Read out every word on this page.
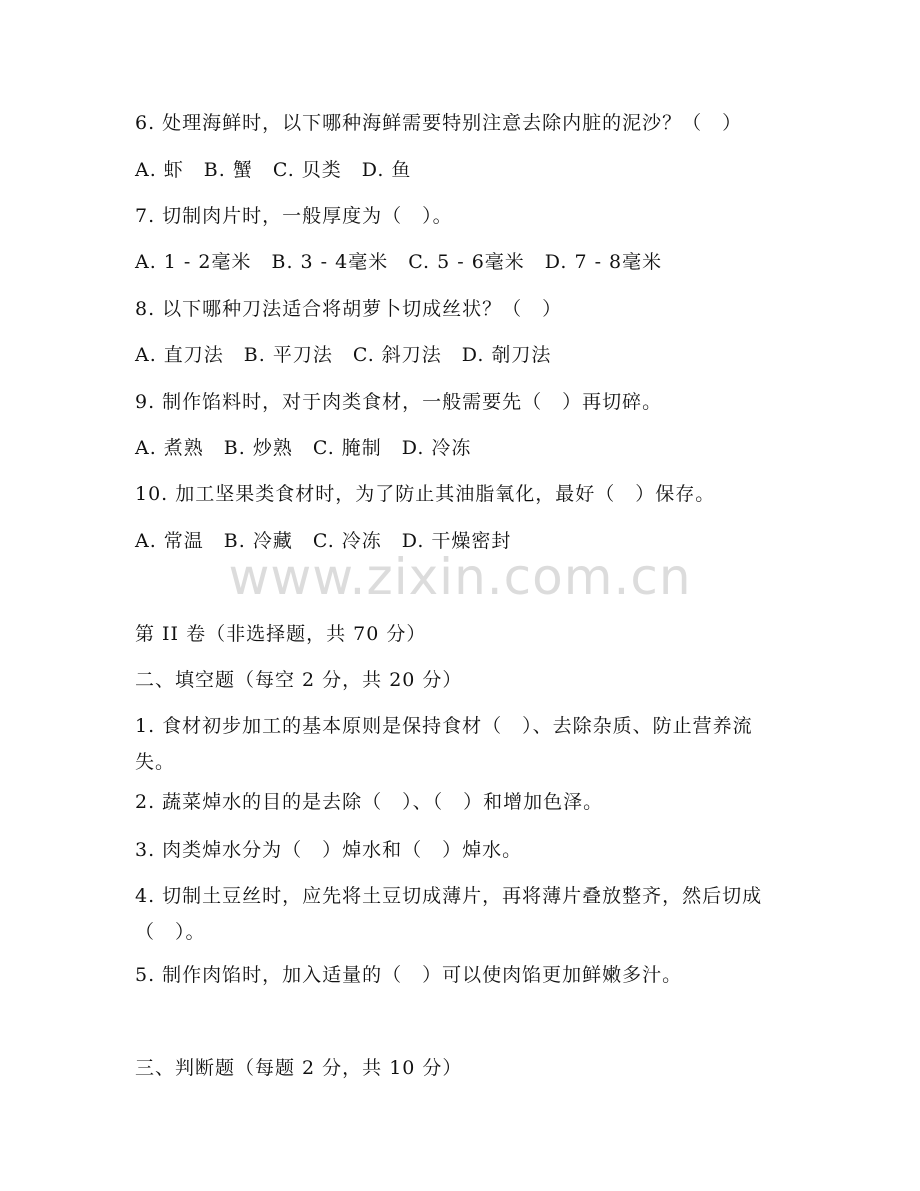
6. 处理海鲜时，以下哪种海鲜需要特别注意去除内脏的泥沙？（　）
A. 虾　B. 蟹　C. 贝类　D. 鱼
7. 切制肉片时，一般厚度为（　）。
A. 1 - 2毫米　B. 3 - 4毫米　C. 5 - 6毫米　D. 7 - 8毫米
8. 以下哪种刀法适合将胡萝卜切成丝状？（　）
A. 直刀法　B. 平刀法　C. 斜刀法　D. 剞刀法
9. 制作馅料时，对于肉类食材，一般需要先（　）再切碎。
A. 煮熟　B. 炒熟　C. 腌制　D. 冷冻
10. 加工坚果类食材时，为了防止其油脂氧化，最好（　）保存。
A. 常温　B. 冷藏　C. 冷冻　D. 干燥密封
www.zixin.com.cn
第 II 卷（非选择题，共 70 分）
二、填空题（每空 2 分，共 20 分）
1. 食材初步加工的基本原则是保持食材（　）、去除杂质、防止营养流失。
2. 蔬菜焯水的目的是去除（　）、（　）和增加色泽。
3. 肉类焯水分为（　）焯水和（　）焯水。
4. 切制土豆丝时，应先将土豆切成薄片，再将薄片叠放整齐，然后切成（　）。
5. 制作肉馅时，加入适量的（　）可以使肉馅更加鲜嫩多汁。
三、判断题（每题 2 分，共 10 分）
